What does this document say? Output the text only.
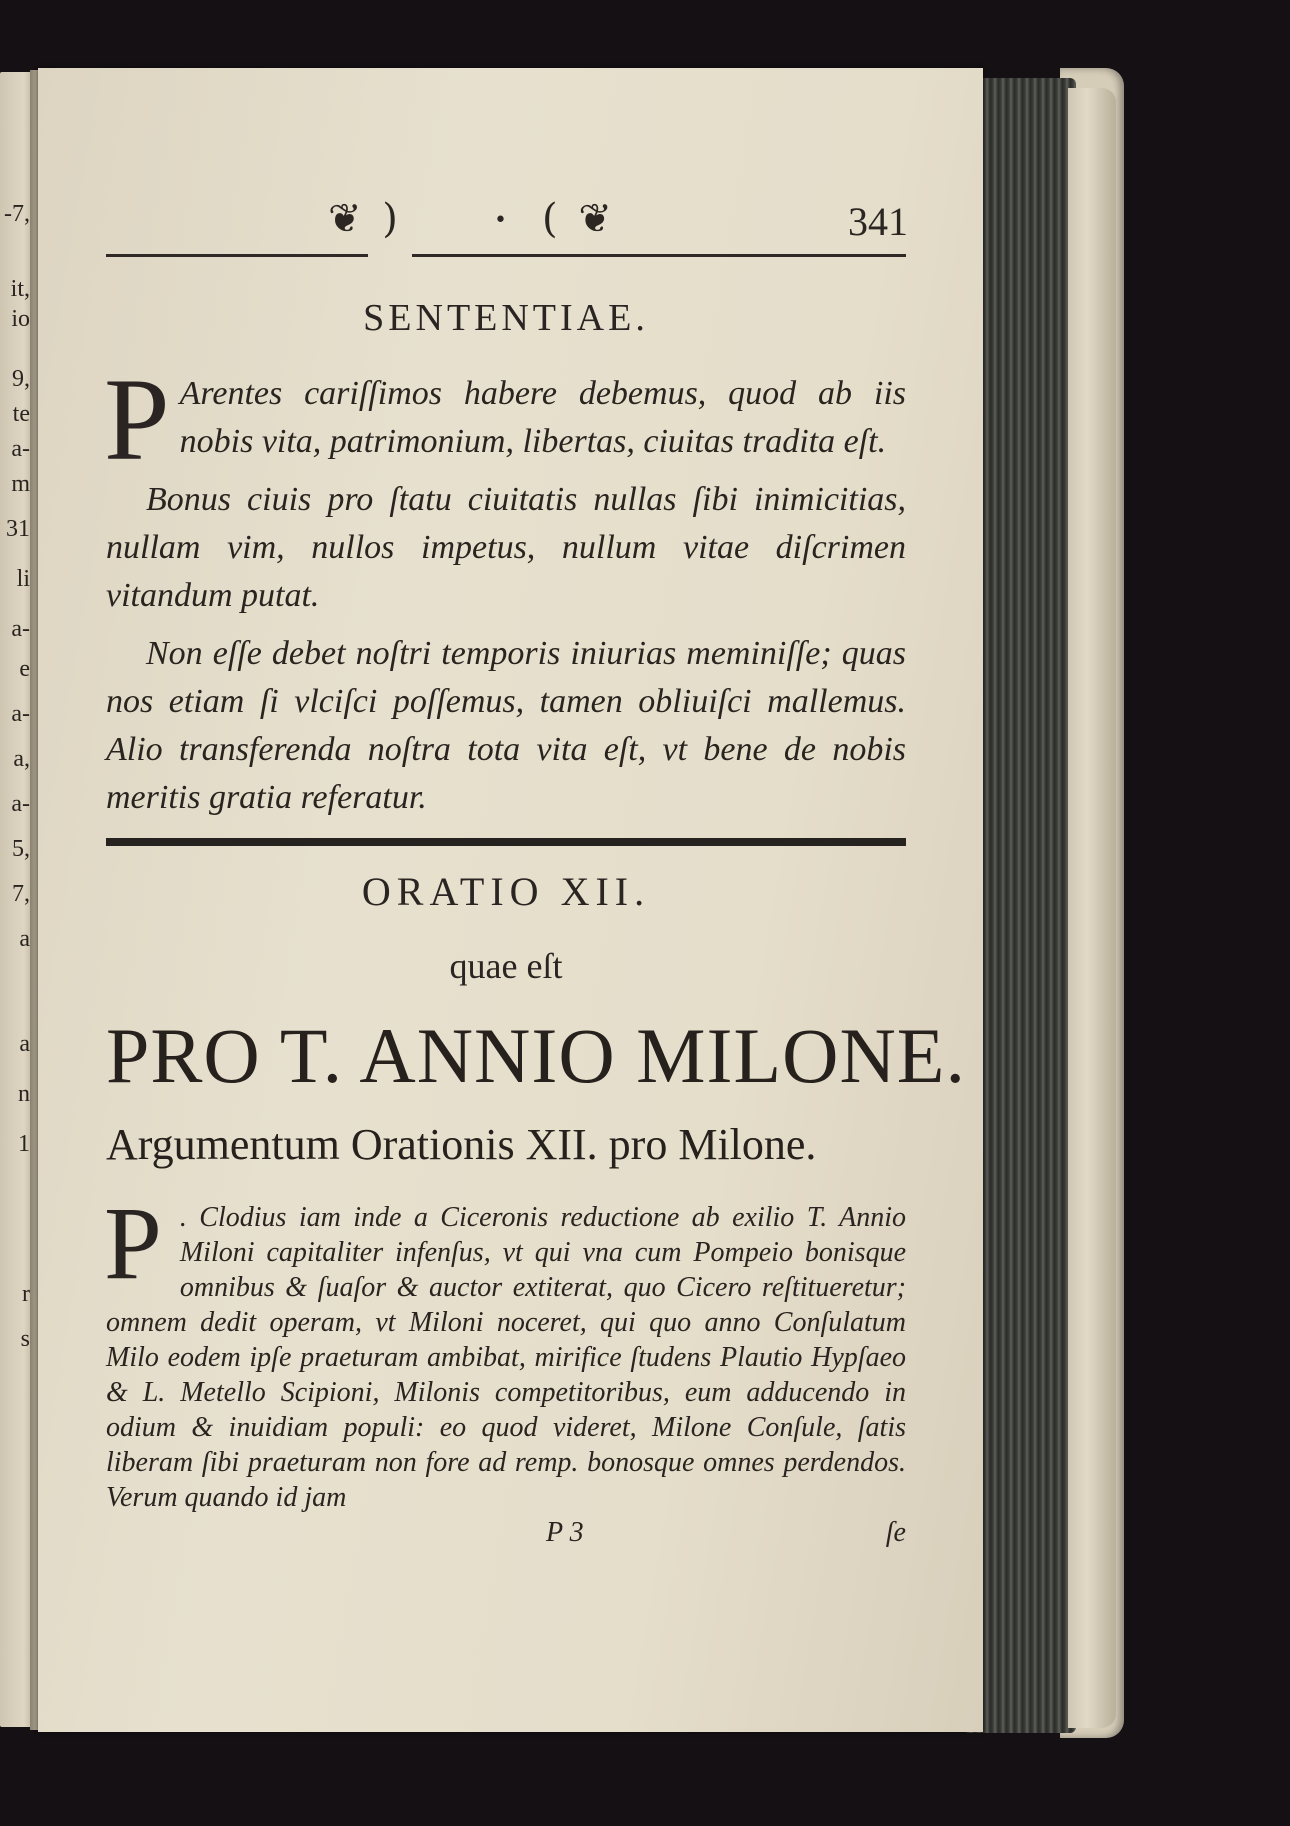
-7,
it,
io
9,
te
a-
m
31
li
a-
e
a-
a,
a-
5,
7,
a
a
n
1
r
s
❦ )	• ( ❦	341
SENTENTIAE.

P Arentes cariſſimos habere debemus, quod ab iis nobis vita, patrimonium, libertas, ciuitas tradita eſt.

Bonus ciuis pro ſtatu ciuitatis nullas ſibi inimicitias, nullam vim, nullos impetus, nullum vitae diſcrimen vitandum putat.

Non eſſe debet noſtri temporis iniurias meminiſſe; quas nos etiam ſi vlciſci poſſemus, tamen obliuiſci mallemus. Alio transferenda noſtra tota vita eſt, vt bene de nobis meritis gratia referatur.

ORATIO XII.
quae eſt
PRO T. ANNIO MILONE.
Argumentum Orationis XII. pro Milone.
P . Clodius iam inde a Ciceronis reductione ab exilio T. Annio Miloni capitaliter infenſus, vt qui vna cum Pompeio bonisque omnibus & ſuaſor & auctor extiterat, quo Cicero reſtitueretur; omnem dedit operam, vt Miloni noceret, qui quo anno Conſulatum Milo eodem ipſe praeturam ambibat, mirifice ſtudens Plautio Hypſaeo & L. Metello Scipioni, Milonis competitoribus, eum adducendo in odium & inuidiam populi: eo quod videret, Milone Conſule, ſatis liberam ſibi praeturam non fore ad remp. bonosque omnes perdendos. Verum quando id jam
P 3	ſe
